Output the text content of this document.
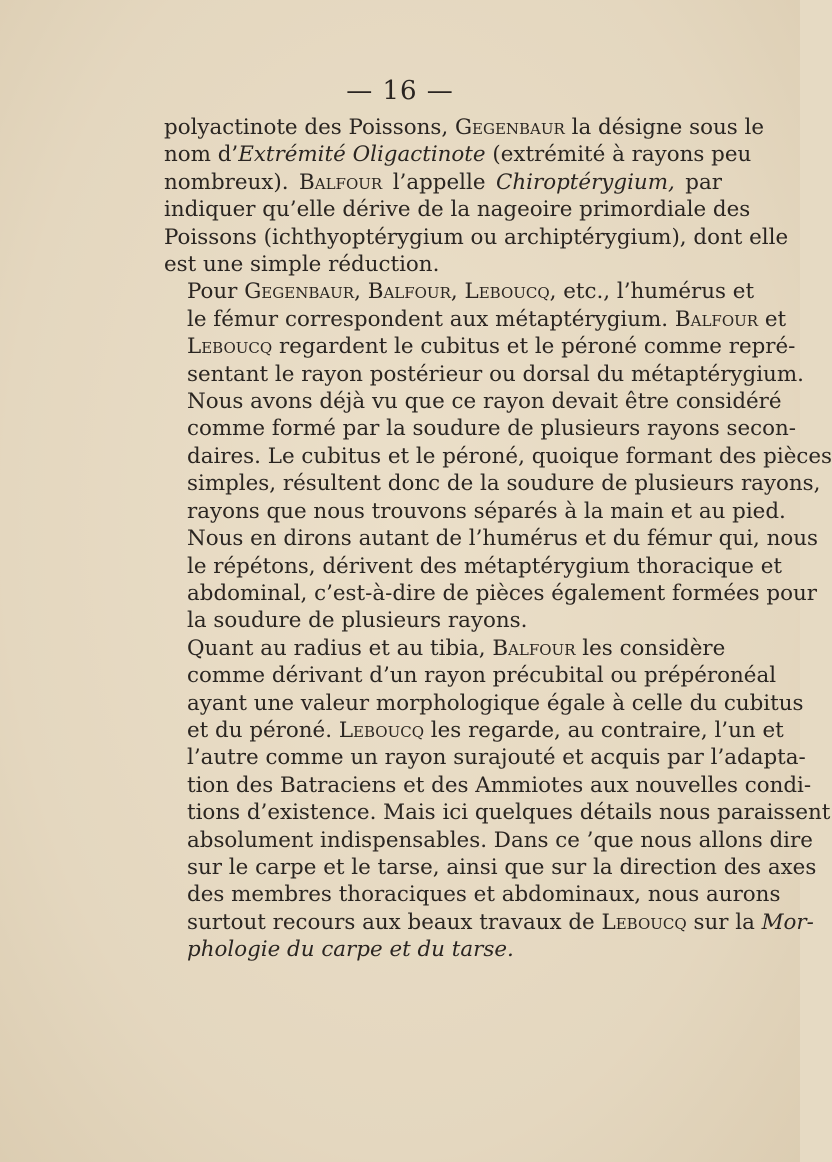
— 16 —

polyactinote des Poissons, Gegenbaur la désigne sous le
nom d’Extrémité Oligactinote (extrémité à rayons peu
nombreux). Balfour l’appelle Chiroptérygium, par
indiquer qu’elle dérive de la nageoire primordiale des
Poissons (ichthyoptérygium ou archiptérygium), dont elle
est une simple réduction.

Pour Gegenbaur, Balfour, Leboucq, etc., l’humérus et
le fémur correspondent aux métaptérygium. Balfour et
Leboucq regardent le cubitus et le péroné comme repré-
sentant le rayon postérieur ou dorsal du métaptérygium.
Nous avons déjà vu que ce rayon devait être considéré
comme formé par la soudure de plusieurs rayons secon-
daires. Le cubitus et le péroné, quoique formant des pièces
simples, résultent donc de la soudure de plusieurs rayons,
rayons que nous trouvons séparés à la main et au pied.
Nous en dirons autant de l’humérus et du fémur qui, nous
le répétons, dérivent des métaptérygium thoracique et
abdominal, c’est-à-dire de pièces également formées pour
la soudure de plusieurs rayons.

Quant au radius et au tibia, Balfour les considère
comme dérivant d’un rayon précubital ou prépéronéal
ayant une valeur morphologique égale à celle du cubitus
et du péroné. Leboucq les regarde, au contraire, l’un et
l’autre comme un rayon surajouté et acquis par l’adapta-
tion des Batraciens et des Ammiotes aux nouvelles condi-
tions d’existence. Mais ici quelques détails nous paraissent
absolument indispensables. Dans ce ’que nous allons dire
sur le carpe et le tarse, ainsi que sur la direction des axes
des membres thoraciques et abdominaux, nous aurons
surtout recours aux beaux travaux de Leboucq sur la Mor-
phologie du carpe et du tarse.
